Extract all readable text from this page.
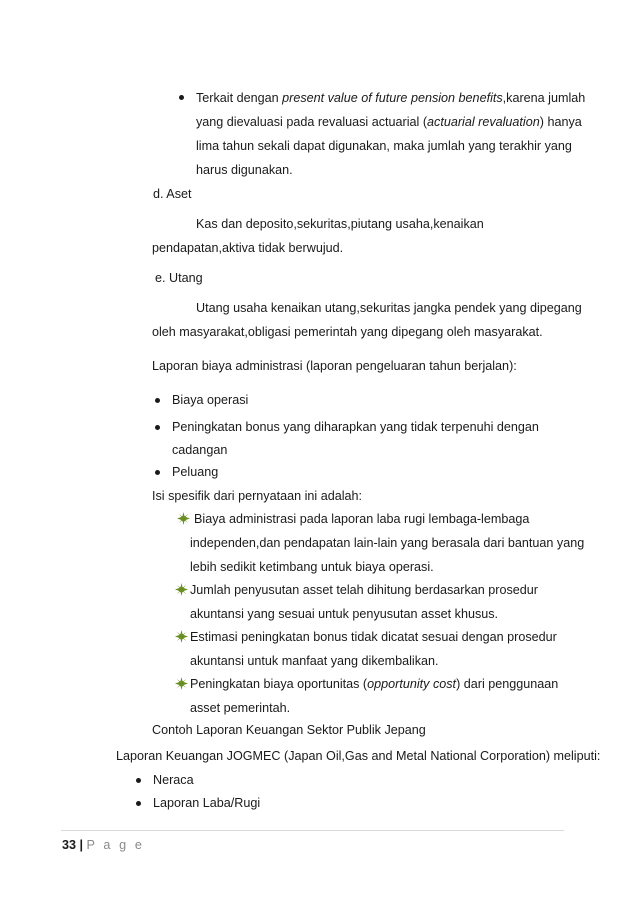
Terkait dengan present value of future pension benefits,karena jumlah
yang dievaluasi pada revaluasi actuarial (actuarial revaluation) hanya
lima tahun sekali dapat digunakan, maka jumlah yang terakhir yang
harus digunakan.
d. Aset
Kas dan deposito,sekuritas,piutang usaha,kenaikan
pendapatan,aktiva tidak berwujud.
e. Utang
Utang usaha kenaikan utang,sekuritas jangka pendek yang dipegang
oleh masyarakat,obligasi pemerintah yang dipegang oleh masyarakat.
Laporan biaya administrasi (laporan pengeluaran tahun berjalan):
Biaya operasi
Peningkatan bonus yang diharapkan yang tidak terpenuhi dengan
cadangan
Peluang
Isi spesifik dari pernyataan ini adalah:
Biaya administrasi pada laporan laba rugi lembaga-lembaga
independen,dan pendapatan lain-lain yang berasala dari bantuan yang
lebih sedikit ketimbang untuk biaya operasi.
Jumlah penyusutan asset telah dihitung berdasarkan prosedur
akuntansi yang sesuai untuk penyusutan asset khusus.
Estimasi peningkatan bonus tidak dicatat sesuai dengan prosedur
akuntansi untuk manfaat yang dikembalikan.
Peningkatan biaya oportunitas (opportunity cost) dari penggunaan
asset pemerintah.
Contoh Laporan Keuangan Sektor Publik Jepang
Laporan Keuangan JOGMEC (Japan Oil,Gas and Metal National Corporation) meliputi:
Neraca
Laporan Laba/Rugi
33 | P a g e
